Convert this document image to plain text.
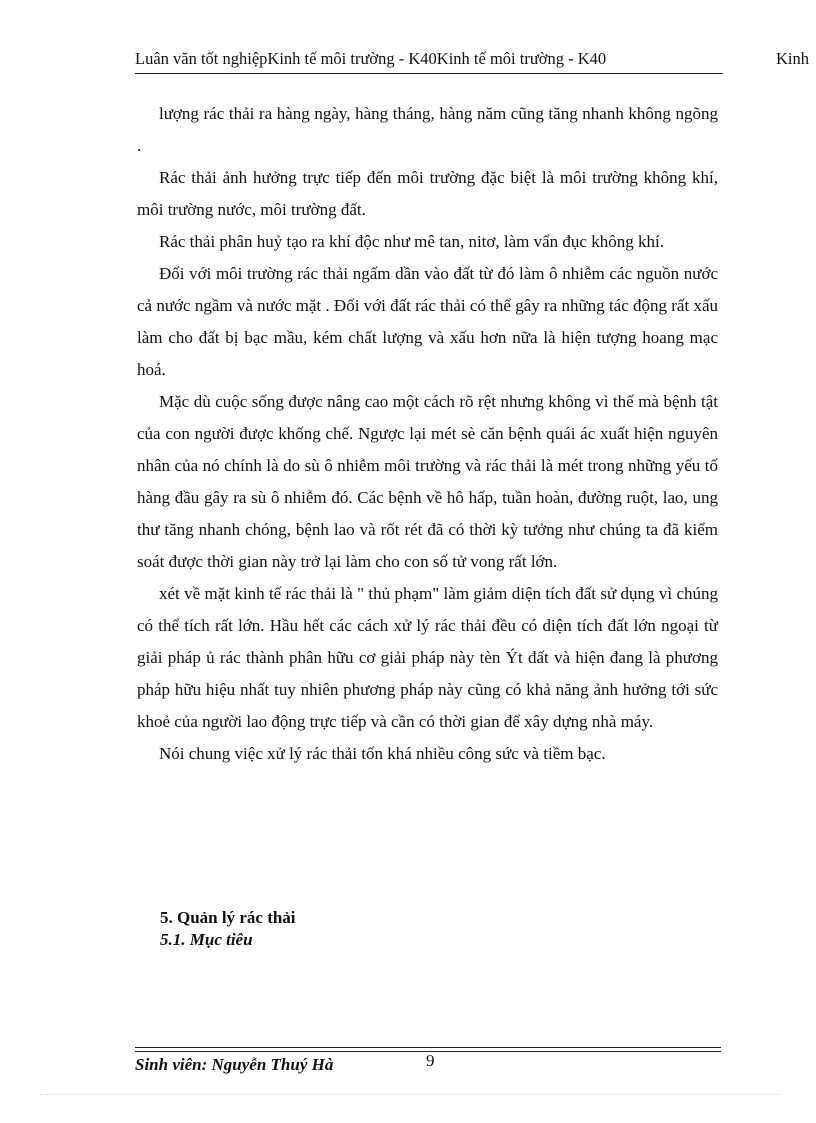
Luân văn tốt nghiệpKinh tế môi trường - K40Kinh tế môi trường - K40	Kinh

lượng rác thải ra hàng ngày, hàng tháng, hàng năm cũng tăng nhanh không ngõng .

Rác thải ảnh hưởng trực tiếp đến môi trường đặc biệt là môi trường không khí, môi trường nước, môi trường đất.

Rác thải phân huỷ tạo ra khí độc như mê tan, nitơ, làm vẩn đục không khí.

Đối với môi trường rác thải ngấm dần vào đất từ đó làm ô nhiễm các nguồn nước cả nước ngầm và nước mặt . Đối với đất rác thải có thể gây ra những tác động rất xấu làm cho đất bị bạc mầu, kém chất lượng và xấu hơn nữa là hiện tượng hoang mạc hoá.

Mặc dù cuộc sống được nâng cao một cách rõ rệt nhưng không vì thế mà bệnh tật của con người được khống chế. Ngược lại mét sè căn bệnh quái ác xuất hiện nguyên nhân của nó chính là do sù ô nhiễm môi trường và rác thải là mét trong những yếu tố hàng đầu gây ra sù ô nhiễm đó. Các bệnh về hô hấp, tuần hoàn, đường ruột, lao, ung thư tăng nhanh chóng, bệnh lao và rốt rét đã có thời kỳ tưởng như chúng ta đã kiểm soát được thời gian này trở lại làm cho con số tử vong rất lớn.

xét về mặt kinh tế rác thải là " thủ phạm" làm giảm diện tích đất sử dụng vì chúng có thể tích rất lớn. Hầu hết các cách xử lý rác thải đều có diện tích đất lớn ngoại từ giải pháp ủ rác thành phân hữu cơ giải pháp này tèn Ýt đất và hiện đang là phương pháp hữu hiệu nhất tuy nhiên phương pháp này cũng có khả năng ảnh hưởng tới sức khoẻ của người lao động trực tiếp và cần có thời gian để xây dựng nhà máy.

Nói chung việc xử lý rác thải tốn khá nhiều công sức và tiềm bạc.

5. Quản lý rác thải
5.1. Mục tiêu
Sinh viên: Nguyễn Thuý Hà	9
